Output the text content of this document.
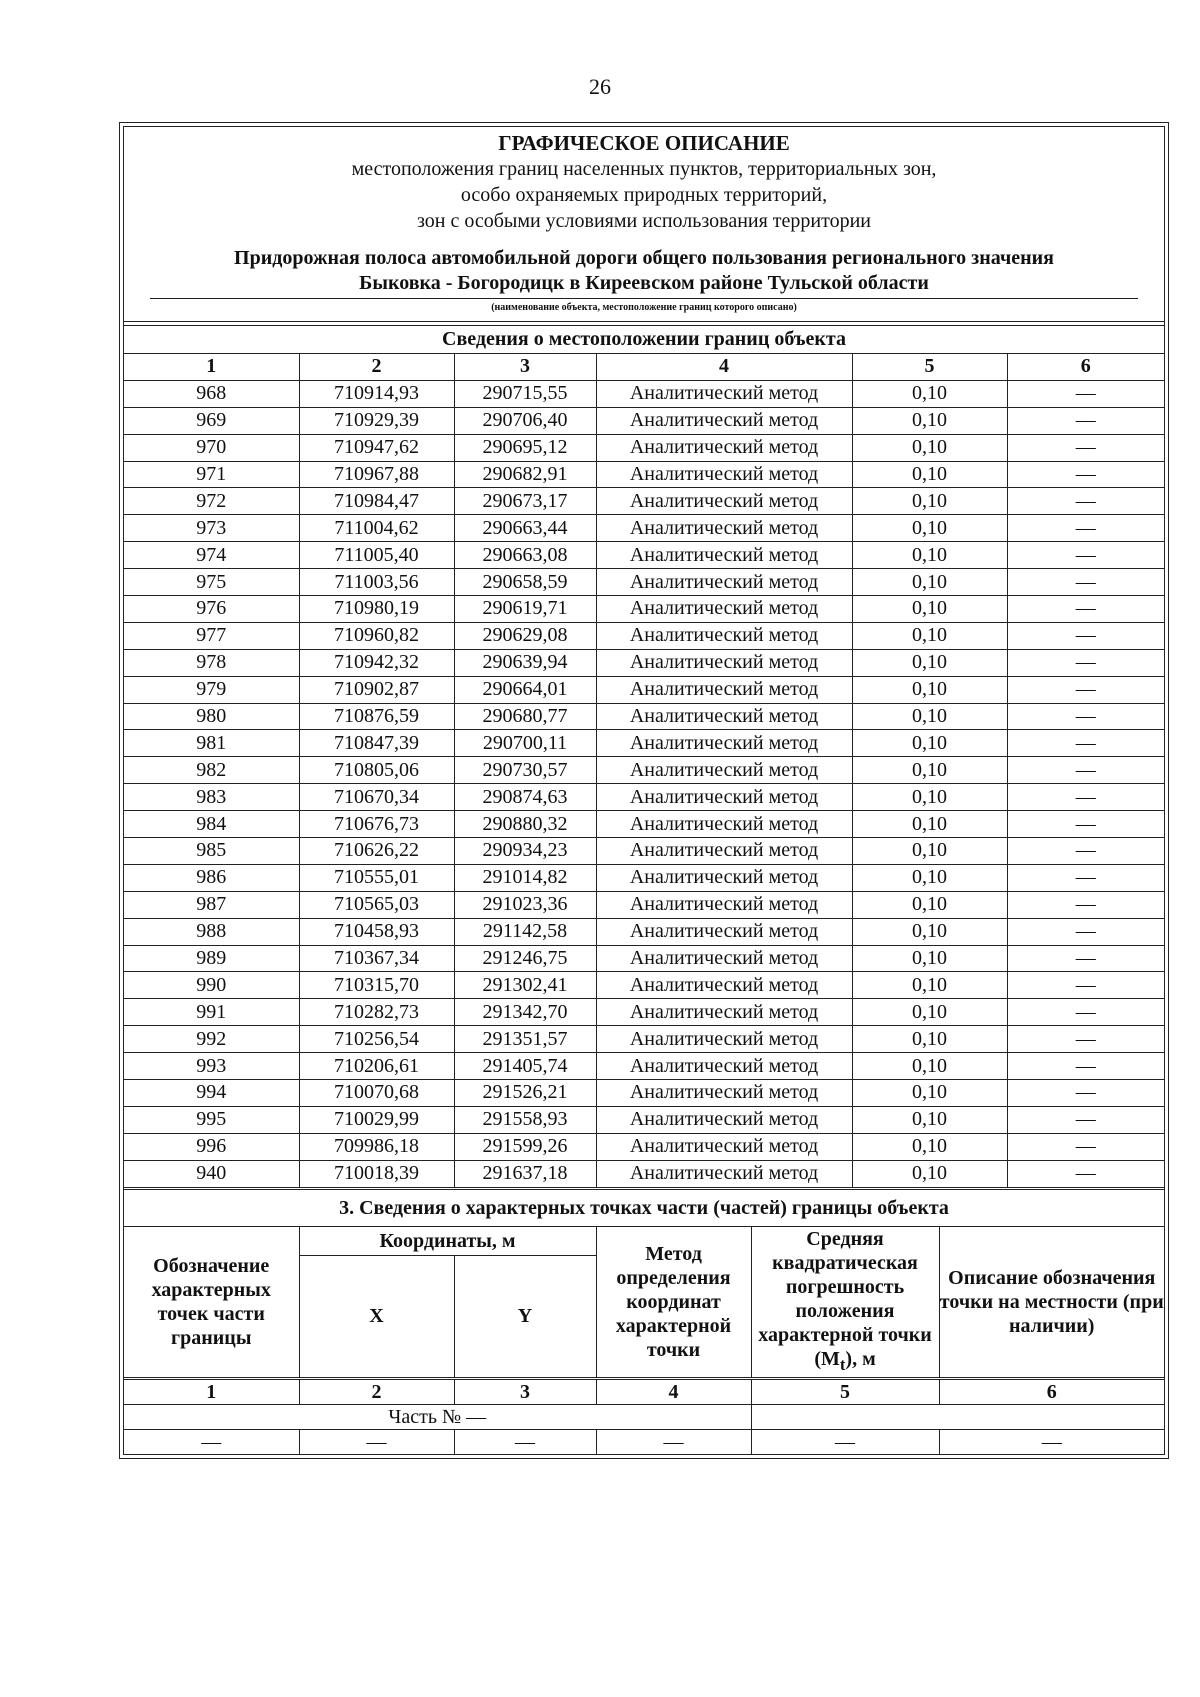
26
ГРАФИЧЕСКОЕ ОПИСАНИЕ
местоположения границ населенных пунктов, территориальных зон,
особо охраняемых природных территорий,
зон с особыми условиями использования территории
Придорожная полоса автомобильной дороги общего пользования регионального значения
Быковка - Богородицк в Киреевском районе Тульской области
(наименование объекта, местоположение границ которого описано)
Сведения о местоположении границ объекта
1	2	3	4	5	6
968	710914,93	290715,55	Аналитический метод	0,10	—
969	710929,39	290706,40	Аналитический метод	0,10	—
970	710947,62	290695,12	Аналитический метод	0,10	—
971	710967,88	290682,91	Аналитический метод	0,10	—
972	710984,47	290673,17	Аналитический метод	0,10	—
973	711004,62	290663,44	Аналитический метод	0,10	—
974	711005,40	290663,08	Аналитический метод	0,10	—
975	711003,56	290658,59	Аналитический метод	0,10	—
976	710980,19	290619,71	Аналитический метод	0,10	—
977	710960,82	290629,08	Аналитический метод	0,10	—
978	710942,32	290639,94	Аналитический метод	0,10	—
979	710902,87	290664,01	Аналитический метод	0,10	—
980	710876,59	290680,77	Аналитический метод	0,10	—
981	710847,39	290700,11	Аналитический метод	0,10	—
982	710805,06	290730,57	Аналитический метод	0,10	—
983	710670,34	290874,63	Аналитический метод	0,10	—
984	710676,73	290880,32	Аналитический метод	0,10	—
985	710626,22	290934,23	Аналитический метод	0,10	—
986	710555,01	291014,82	Аналитический метод	0,10	—
987	710565,03	291023,36	Аналитический метод	0,10	—
988	710458,93	291142,58	Аналитический метод	0,10	—
989	710367,34	291246,75	Аналитический метод	0,10	—
990	710315,70	291302,41	Аналитический метод	0,10	—
991	710282,73	291342,70	Аналитический метод	0,10	—
992	710256,54	291351,57	Аналитический метод	0,10	—
993	710206,61	291405,74	Аналитический метод	0,10	—
994	710070,68	291526,21	Аналитический метод	0,10	—
995	710029,99	291558,93	Аналитический метод	0,10	—
996	709986,18	291599,26	Аналитический метод	0,10	—
940	710018,39	291637,18	Аналитический метод	0,10	—
3. Сведения о характерных точках части (частей) границы объекта
Обозначение характерных точек части границы	Координаты, м		Метод определения координат характерной точки	Средняя квадратическая погрешность положения характерной точки $(M_t)$, м	Описание обозначения точки на местности (при наличии)
	X	Y			
1	2	3	4	5	6
Часть № —					
—	—	—	—	—	—
